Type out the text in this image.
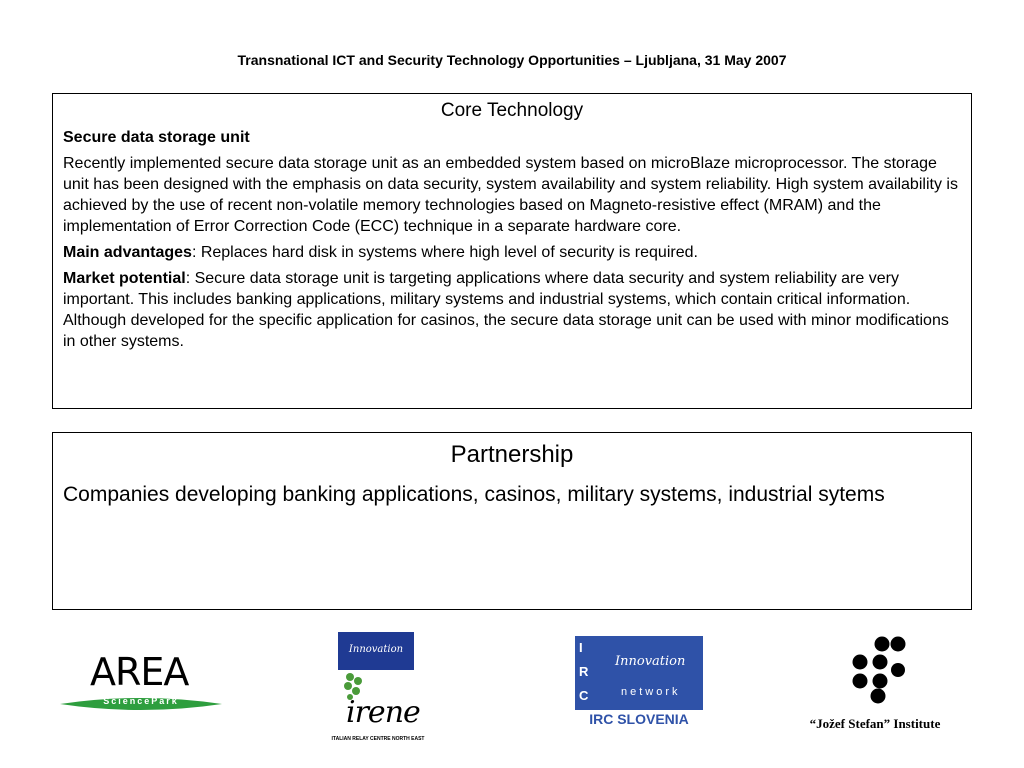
Transnational ICT and Security Technology Opportunities – Ljubljana, 31 May 2007
Core Technology
Secure data storage unit
Recently implemented secure data storage unit as an embedded system based on microBlaze microprocessor. The storage unit has been designed with the emphasis on data security, system availability and system reliability. High system availability is achieved by the use of recent non-volatile memory technologies based on Magneto-resistive effect (MRAM) and the implementation of Error Correction Code (ECC) technique in a separate hardware core.
Main advantages: Replaces hard disk in systems where high level of security is required.
Market potential: Secure data storage unit is targeting applications where data security and system reliability are very important. This includes banking applications, military systems and industrial systems, which contain critical information. Although developed for the specific application for casinos, the secure data storage unit can be used with minor modifications in other systems.
Partnership
Companies developing banking applications, casinos, military systems, industrial sytems
AREA
SciencePark
Innovation
irene
ITALIAN RELAY CENTRE NORTH EAST
I
R
C
Innovation
network
IRC SLOVENIA	“Jožef Stefan” Institute
